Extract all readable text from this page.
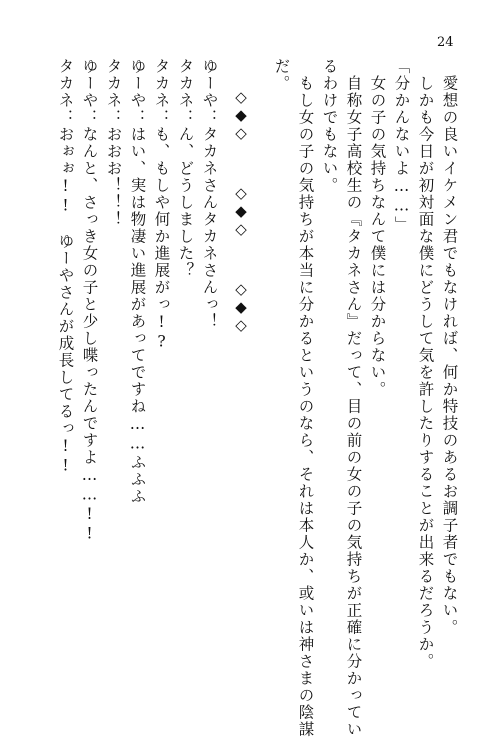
24
　愛想の良いイケメン君でもなければ、何か特技のあるお調子者でもない。
　しかも今日が初対面な僕にどうして気を許したりすることが出来るだろうか。
「分かんないよ……」
　女の子の気持ちなんて僕には分からない。
　自称女子高校生の『タカネさん』だって、目の前の女の子の気持ちが正確に分かってい
るわけでもない。
　もし女の子の気持ちが本当に分かるというのなら、それは本人か、或いは神さまの陰謀
だ。
◇◆◇◇◆◇◇◆◇
ゆーや：タカネさんタカネさんっ！
タカネ：ん、どうしました？
タカネ：も、もしや何か進展がっ!?
ゆーや：はい、実は物凄い進展があってですね……ふふふ
タカネ：おおお！！！
ゆーや：なんと、さっき女の子と少し喋ったんですよ……!!
タカネ：おぉぉ!!　ゆーやさんが成長してるっ!!
